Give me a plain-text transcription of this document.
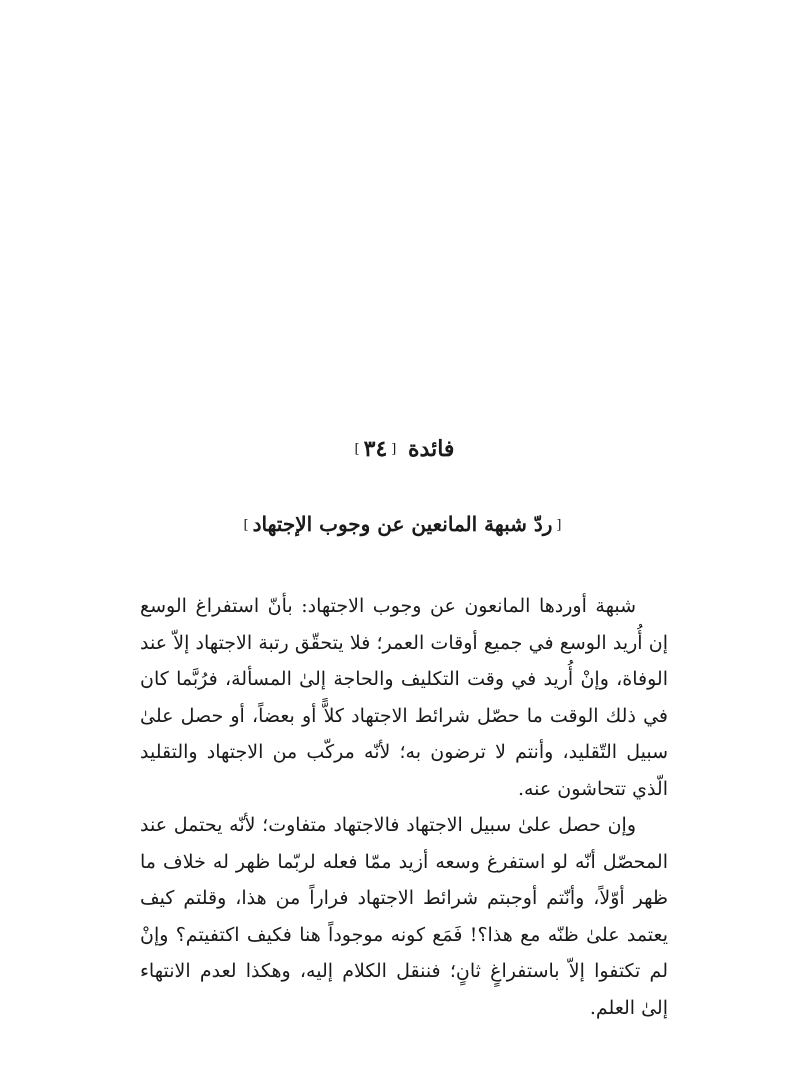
فائدة [٣٤]
[ردّ شبهة المانعين عن وجوب الإجتهاد]

شبهة أوردها المانعون عن وجوب الاجتهاد: بأنّ استفراغ الوسع إن أُريد الوسع في جميع أوقات العمر؛ فلا يتحقّق رتبة الاجتهاد إلاّ عند الوفاة، وإنْ أُريد في وقت التكليف والحاجة إلىٰ المسألة، فرُبَّما كان في ذلك الوقت ما حصّل شرائط الاجتهاد كلاًّ أو بعضاً، أو حصل علىٰ سبيل التّقليد، وأنتم لا ترضون به؛ لأنّه مركّب من الاجتهاد والتقليد الّذي تتحاشون عنه.

وإن حصل علىٰ سبيل الاجتهاد فالاجتهاد متفاوت؛ لأنّه يحتمل عند المحصّل أنّه لو استفرغ وسعه أزيد ممّا فعله لربّما ظهر له خلاف ما ظهر أوّلاً، وأنّتم أوجبتم شرائط الاجتهاد فراراً من هذا، وقلتم كيف يعتمد علىٰ ظنّه مع هذا؟! فَمَع كونه موجوداً هنا فكيف اكتفيتم؟ وإنْ لم تكتفوا إلاّ باستفراغٍ ثانٍ؛ فننقل الكلام إليه، وهكذا لعدم الانتهاء إلىٰ العلم.
